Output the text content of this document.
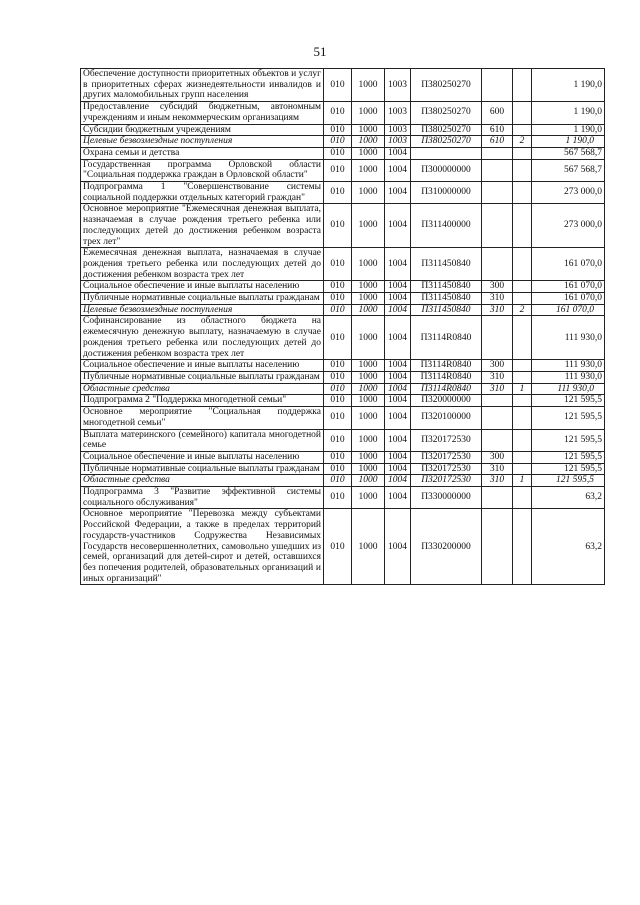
51
Обеспечение доступности приоритетных объектов и услуг в приоритетных сферах жизнедеятельности инвалидов и других маломобильных групп населения	010	1000	1003	П380250270			1 190,0
Предоставление субсидий бюджетным, автономным учреждениям и иным некоммерческим организациям	010	1000	1003	П380250270	600		1 190,0
Субсидии бюджетным учреждениям	010	1000	1003	П380250270	610		1 190,0
Целевые безвозмездные поступления	010	1000	1003	П380250270	610	2	1 190,0
Охрана семьи и детства	010	1000	1004				567 568,7
Государственная программа Орловской области "Социальная поддержка граждан в Орловской области"	010	1000	1004	П300000000			567 568,7
Подпрограмма 1 "Совершенствование системы социальной поддержки отдельных категорий граждан"	010	1000	1004	П310000000			273 000,0
Основное мероприятие "Ежемесячная денежная выплата, назначаемая в случае рождения третьего ребенка или последующих детей до достижения ребенком возраста трех лет"	010	1000	1004	П311400000			273 000,0
Ежемесячная денежная выплата, назначаемая в случае рождения третьего ребенка или последующих детей до достижения ребенком возраста трех лет	010	1000	1004	П311450840			161 070,0
Социальное обеспечение и иные выплаты населению	010	1000	1004	П311450840	300		161 070,0
Публичные нормативные социальные выплаты гражданам	010	1000	1004	П311450840	310		161 070,0
Целевые безвозмездные поступления	010	1000	1004	П311450840	310	2	161 070,0
Софинансирование из областного бюджета на ежемесячную денежную выплату, назначаемую в случае рождения третьего ребенка или последующих детей до достижения ребенком возраста трех лет	010	1000	1004	П3114R0840			111 930,0
Социальное обеспечение и иные выплаты населению	010	1000	1004	П3114R0840	300		111 930,0
Публичные нормативные социальные выплаты гражданам	010	1000	1004	П3114R0840	310		111 930,0
Областные средства	010	1000	1004	П3114R0840	310	1	111 930,0
Подпрограмма 2 "Поддержка многодетной семьи"	010	1000	1004	П320000000			121 595,5
Основное мероприятие "Социальная поддержка многодетной семьи"	010	1000	1004	П320100000			121 595,5
Выплата материнского (семейного) капитала многодетной семье	010	1000	1004	П320172530			121 595,5
Социальное обеспечение и иные выплаты населению	010	1000	1004	П320172530	300		121 595,5
Публичные нормативные социальные выплаты гражданам	010	1000	1004	П320172530	310		121 595,5
Областные средства	010	1000	1004	П320172530	310	1	121 595,5
Подпрограмма 3 "Развитие эффективной системы социального обслуживания"	010	1000	1004	П330000000			63,2
Основное мероприятие "Перевозка между субъектами Российской Федерации, а также в пределах территорий государств-участников Содружества Независимых Государств несовершеннолетних, самовольно ушедших из семей, организаций для детей-сирот и детей, оставшихся без попечения родителей, образовательных организаций и иных организаций"	010	1000	1004	П330200000			63,2
